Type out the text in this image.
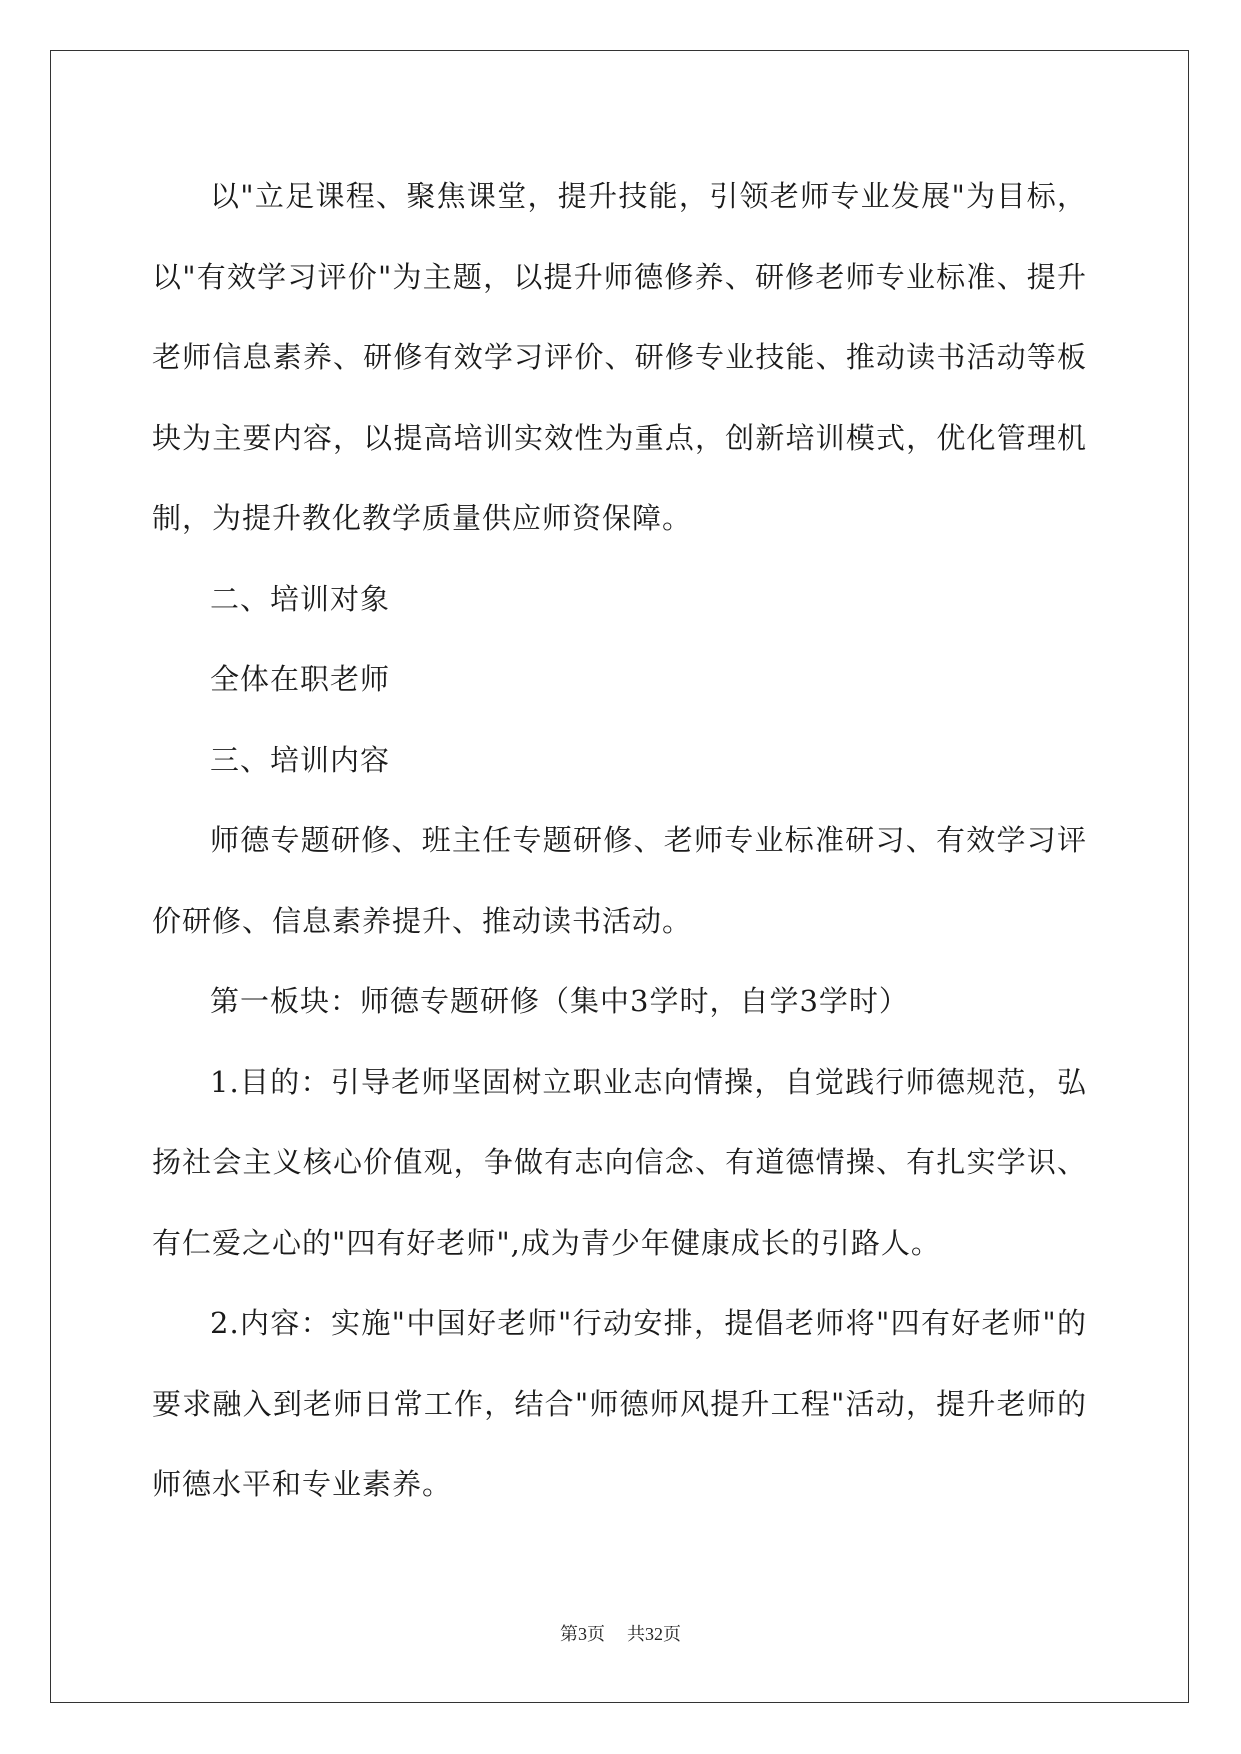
以"立足课程、聚焦课堂，提升技能，引领老师专业发展"为目标，以"有效学习评价"为主题，以提升师德修养、研修老师专业标准、提升老师信息素养、研修有效学习评价、研修专业技能、推动读书活动等板块为主要内容，以提高培训实效性为重点，创新培训模式，优化管理机制，为提升教化教学质量供应师资保障。

二、培训对象

全体在职老师

三、培训内容

师德专题研修、班主任专题研修、老师专业标准研习、有效学习评价研修、信息素养提升、推动读书活动。

第一板块：师德专题研修（集中3学时，自学3学时）

1.目的：引导老师坚固树立职业志向情操，自觉践行师德规范，弘扬社会主义核心价值观，争做有志向信念、有道德情操、有扎实学识、有仁爱之心的"四有好老师",成为青少年健康成长的引路人。

2.内容：实施"中国好老师"行动安排，提倡老师将"四有好老师"的要求融入到老师日常工作，结合"师德师风提升工程"活动，提升老师的师德水平和专业素养。

第3页 共32页
